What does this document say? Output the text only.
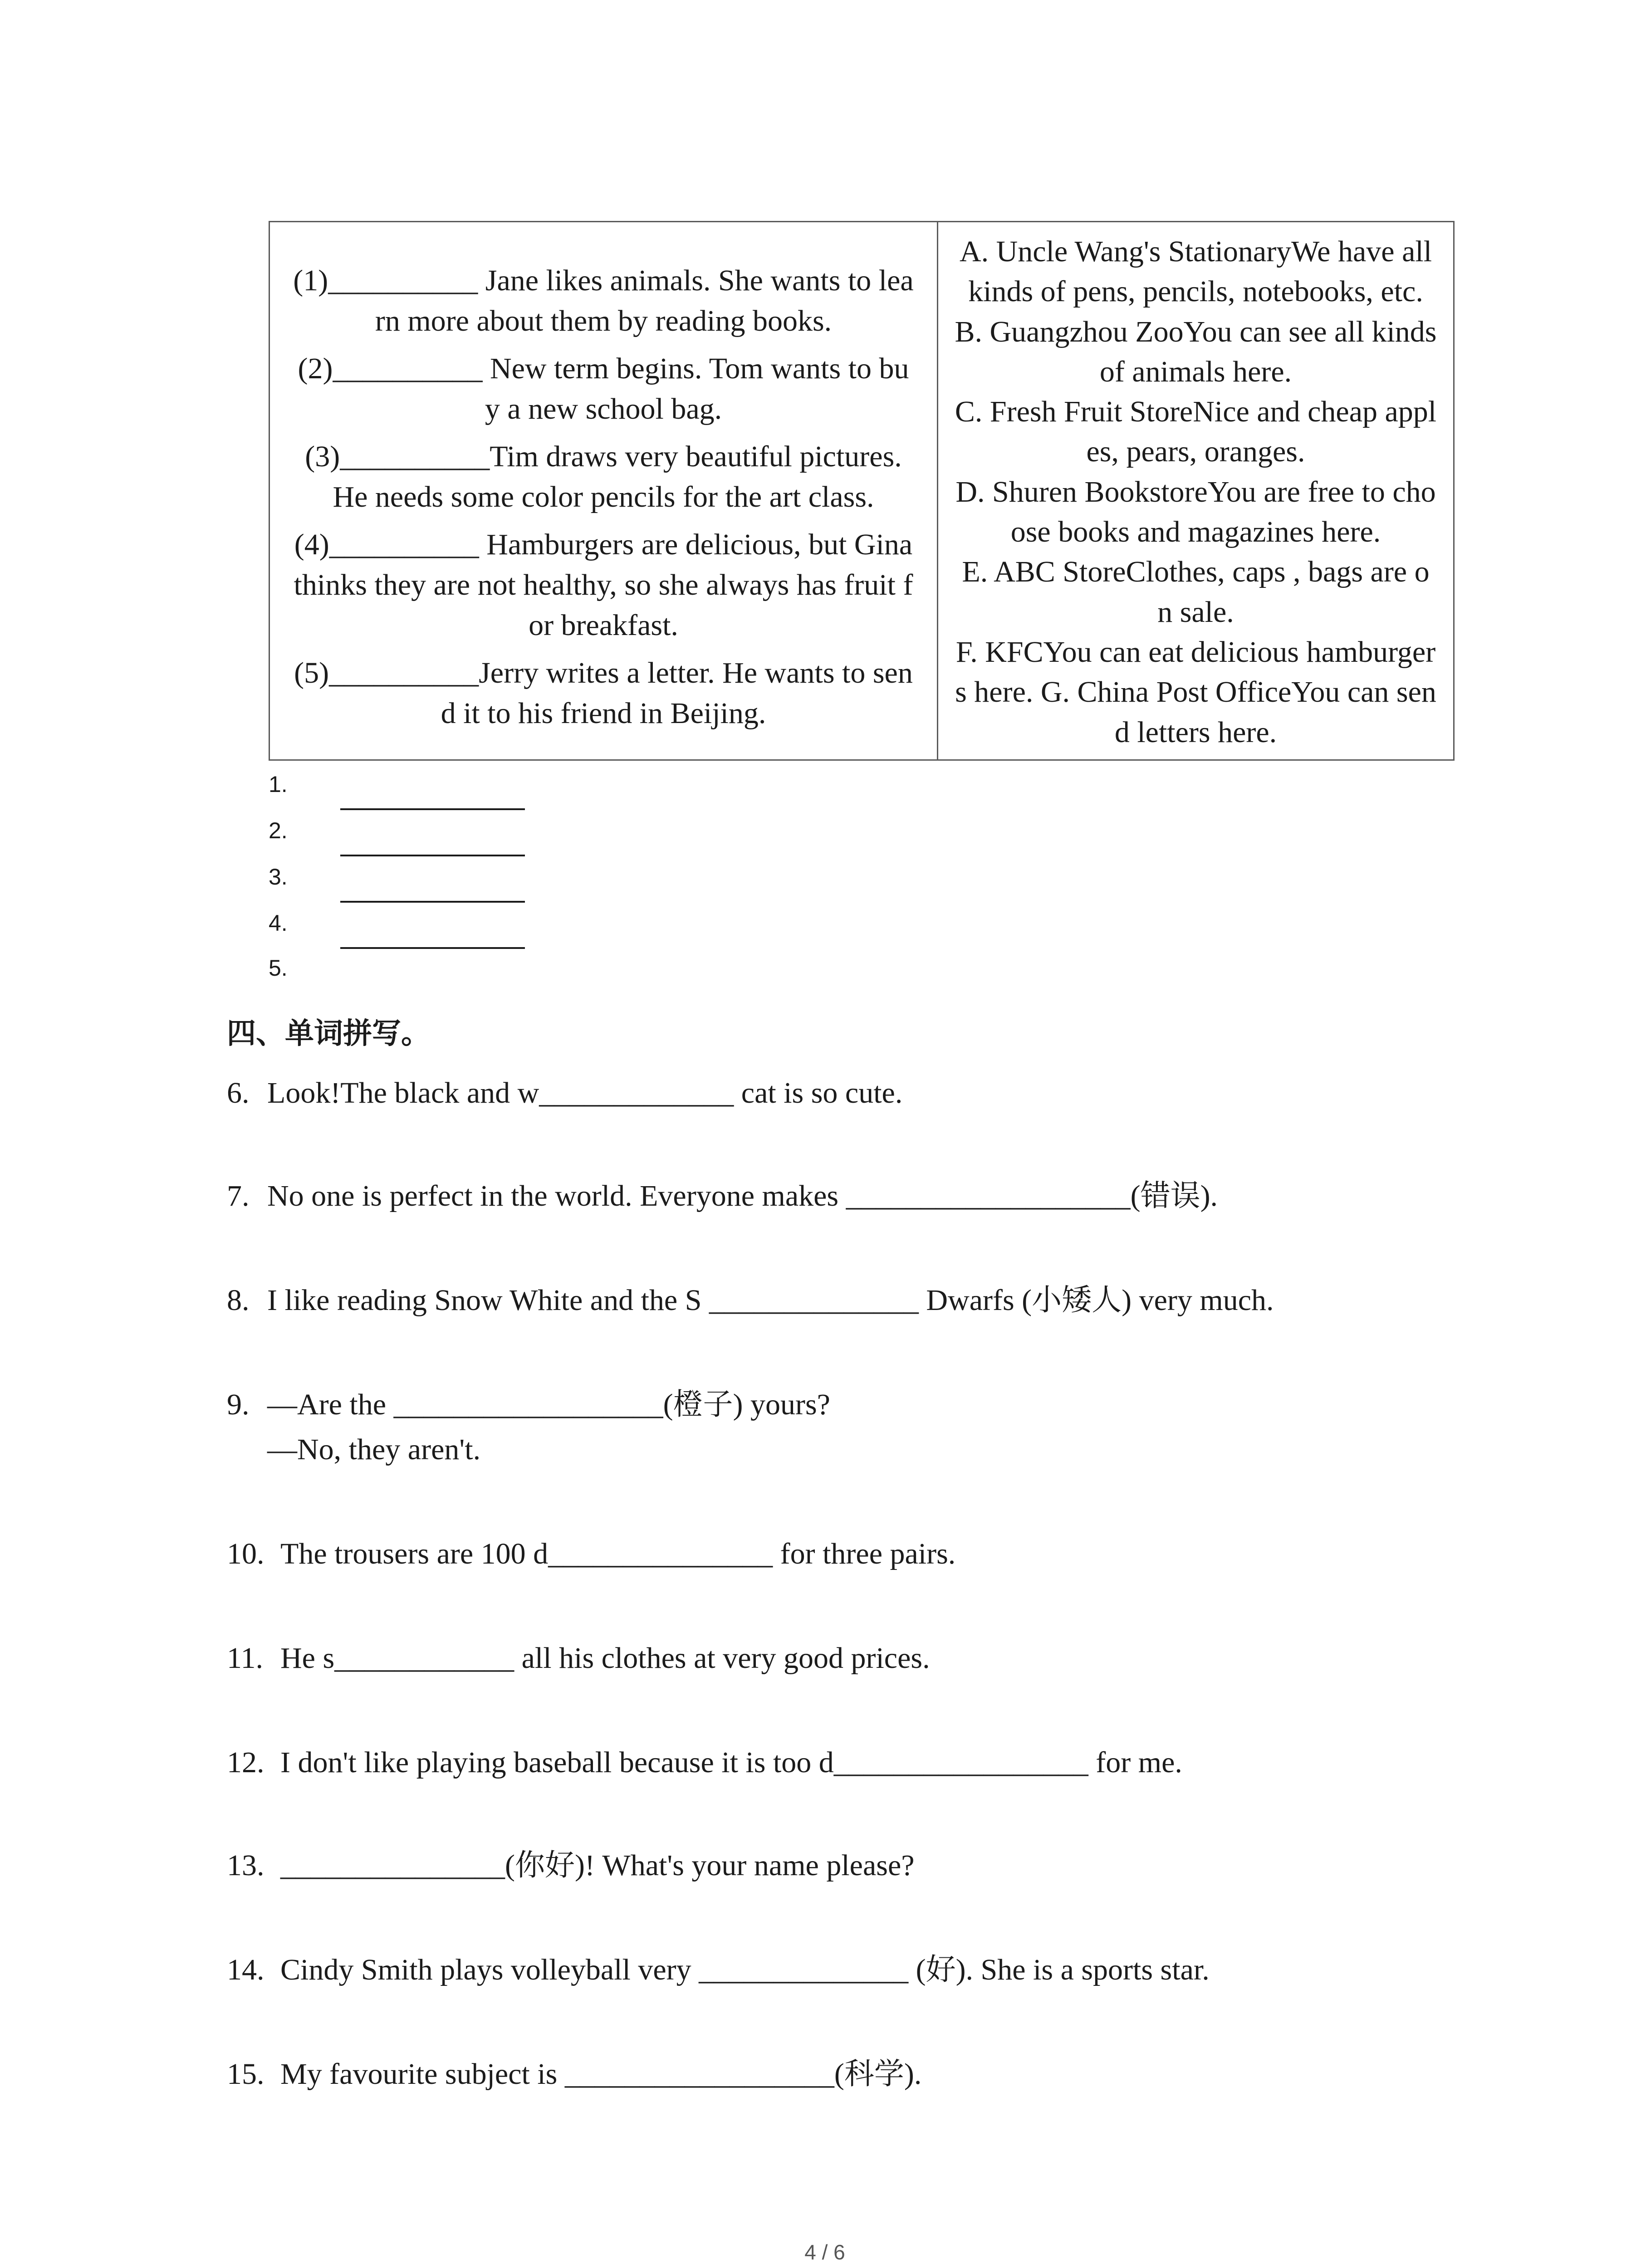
(1)__________ Jane likes animals. She wants to lea
rn more about them by reading books.
(2)__________ New term begins. Tom wants to bu
y a new school bag.
(3)__________Tim draws very beautiful pictures.
He needs some color pencils for the art class.
(4)__________ Hamburgers are delicious, but Gina
thinks they are not healthy, so she always has fruit f
or breakfast.
(5)__________Jerry writes a letter. He wants to sen
d it to his friend in Beijing.
A. Uncle Wang's StationaryWe have all
kinds of pens, pencils, notebooks, etc.
B. Guangzhou ZooYou can see all kinds
of animals here.
C. Fresh Fruit StoreNice and cheap appl
es, pears, oranges.
D. Shuren BookstoreYou are free to cho
ose books and magazines here.
E. ABC StoreClothes, caps , bags are o
n sale.
F. KFCYou can eat delicious hamburger
s here. G. China Post OfficeYou can sen
d letters here.
1.
2.
3.
4.
5.
四、单词拼写。
6. Look!The black and w_____________ cat is so cute.
7. No one is perfect in the world. Everyone makes ___________________(错误).
8. I like reading Snow White and the S ______________ Dwarfs (小矮人) very much.
9. —Are the __________________(橙子) yours?
—No, they aren't.
10. The trousers are 100 d_______________ for three pairs.
11. He s____________ all his clothes at very good prices.
12. I don't like playing baseball because it is too d_________________ for me.
13. _______________(你好)! What's your name please?
14. Cindy Smith plays volleyball very ______________ (好). She is a sports star.
15. My favourite subject is __________________(科学).
4 / 6
